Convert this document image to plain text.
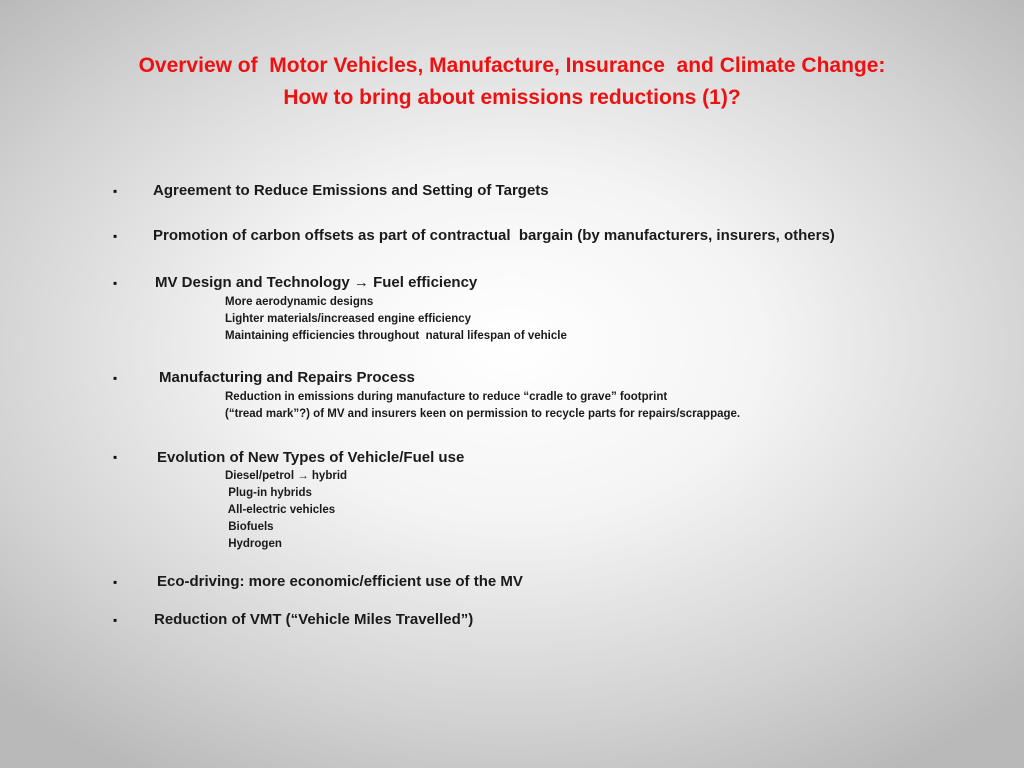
Overview of  Motor Vehicles, Manufacture, Insurance  and Climate Change:
How to bring about emissions reductions (1)?
▪ Agreement to Reduce Emissions and Setting of Targets
▪ Promotion of carbon offsets as part of contractual  bargain (by manufacturers, insurers, others)
▪	MV Design and Technology → Fuel efficiency
More aerodynamic designs
Lighter materials/increased engine efficiency
Maintaining efficiencies throughout  natural lifespan of vehicle
▪	Manufacturing and Repairs Process
Reduction in emissions during manufacture to reduce “cradle to grave” footprint
(“tread mark”?) of MV and insurers keen on permission to recycle parts for repairs/scrappage.
▪	Evolution of New Types of Vehicle/Fuel use
Diesel/petrol → hybrid
Plug-in hybrids
All-electric vehicles
Biofuels
Hydrogen
▪	Eco-driving: more economic/efficient use of the MV
▪ Reduction of VMT (“Vehicle Miles Travelled”)
